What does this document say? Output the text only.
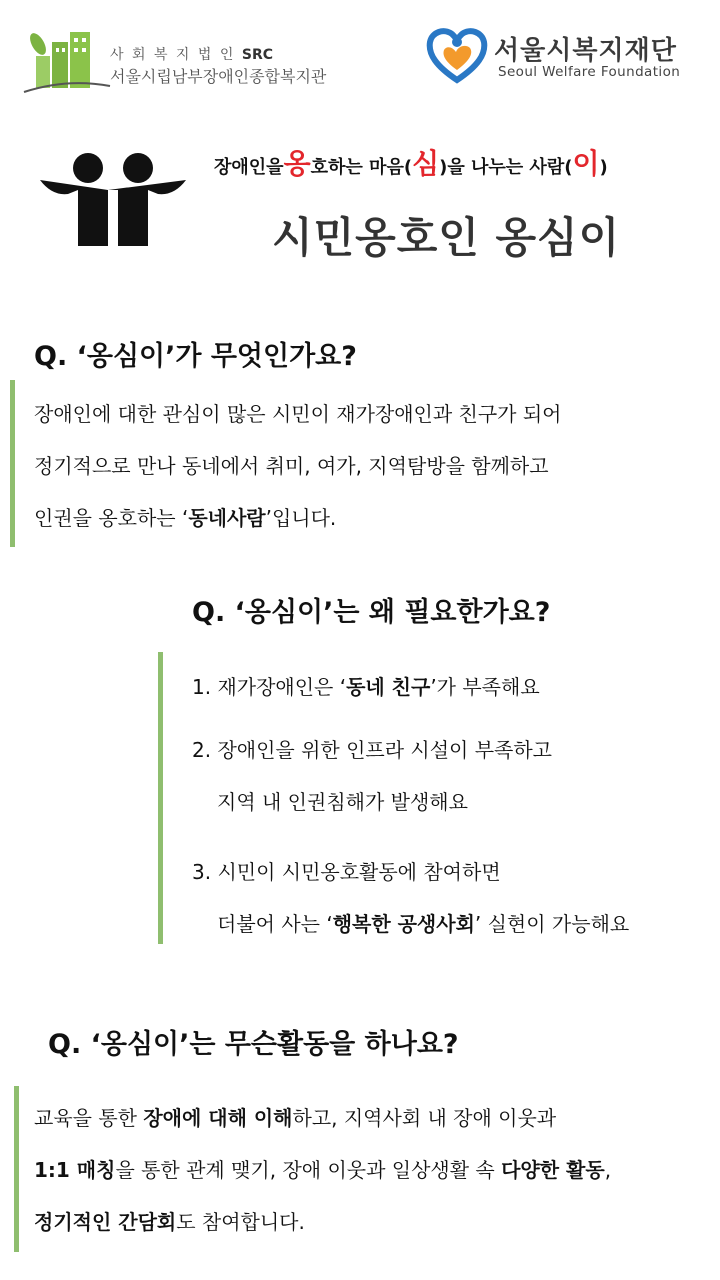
사 회 복 지 법 인 SRC
서울시립남부장애인종합복지관
서울시복지재단
Seoul Welfare Foundation
장애인을옹호하는 마음(심)을 나누는 사람(이)
시민옹호인 옹심이
Q. ‘옹심이’가 무엇인가요?
장애인에 대한 관심이 많은 시민이 재가장애인과 친구가 되어
정기적으로 만나 동네에서 취미, 여가, 지역탐방을 함께하고
인권을 옹호하는 ‘동네사람’입니다.
Q. ‘옹심이’는 왜 필요한가요?
1. 재가장애인은 ‘동네 친구’가 부족해요
2. 장애인을 위한 인프라 시설이 부족하고
지역 내 인권침해가 발생해요
3. 시민이 시민옹호활동에 참여하면
더불어 사는 ‘행복한 공생사회’ 실현이 가능해요
Q. ‘옹심이’는 무슨활동을 하나요?
교육을 통한 장애에 대해 이해하고, 지역사회 내 장애 이웃과
1:1 매칭을 통한 관계 맺기, 장애 이웃과 일상생활 속 다양한 활동,
정기적인 간담회도 참여합니다.
